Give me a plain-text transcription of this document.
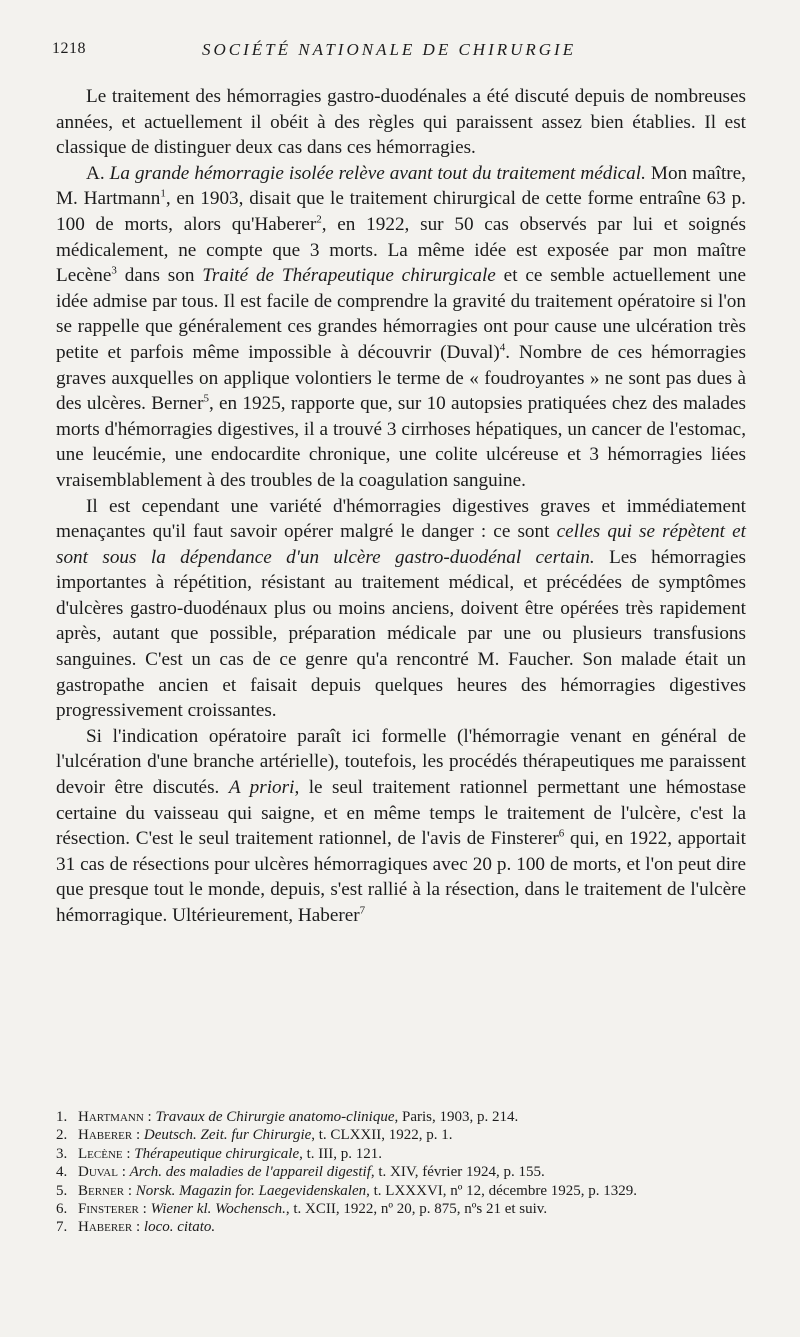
1218	SOCIÉTÉ NATIONALE DE CHIRURGIE

Le traitement des hémorragies gastro-duodénales a été discuté depuis de nombreuses années, et actuellement il obéit à des règles qui paraissent assez bien établies. Il est classique de distinguer deux cas dans ces hémorragies.

A. La grande hémorragie isolée relève avant tout du traitement médical. Mon maître, M. Hartmann$^1$, en 1903, disait que le traitement chirurgical de cette forme entraîne 63 p. 100 de morts, alors qu'Haberer$^2$, en 1922, sur 50 cas observés par lui et soignés médicalement, ne compte que 3 morts. La même idée est exposée par mon maître Lecène$^3$ dans son Traité de Thérapeutique chirurgicale et ce semble actuellement une idée admise par tous. Il est facile de comprendre la gravité du traitement opératoire si l'on se rappelle que généralement ces grandes hémorragies ont pour cause une ulcération très petite et parfois même impossible à découvrir (Duval)$^4$. Nombre de ces hémorragies graves auxquelles on applique volontiers le terme de « foudroyantes » ne sont pas dues à des ulcères. Berner$^5$, en 1925, rapporte que, sur 10 autopsies pratiquées chez des malades morts d'hémorragies digestives, il a trouvé 3 cirrhoses hépatiques, un cancer de l'estomac, une leucémie, une endocardite chronique, une colite ulcéreuse et 3 hémorragies liées vraisemblablement à des troubles de la coagulation sanguine.

Il est cependant une variété d'hémorragies digestives graves et immédiatement menaçantes qu'il faut savoir opérer malgré le danger : ce sont celles qui se répètent et sont sous la dépendance d'un ulcère gastro-duodénal certain. Les hémorragies importantes à répétition, résistant au traitement médical, et précédées de symptômes d'ulcères gastro-duodénaux plus ou moins anciens, doivent être opérées très rapidement après, autant que possible, préparation médicale par une ou plusieurs transfusions sanguines. C'est un cas de ce genre qu'a rencontré M. Faucher. Son malade était un gastropathe ancien et faisait depuis quelques heures des hémorragies digestives progressivement croissantes.

Si l'indication opératoire paraît ici formelle (l'hémorragie venant en général de l'ulcération d'une branche artérielle), toutefois, les procédés thérapeutiques me paraissent devoir être discutés. A priori, le seul traitement rationnel permettant une hémostase certaine du vaisseau qui saigne, et en même temps le traitement de l'ulcère, c'est la résection. C'est le seul traitement rationnel, de l'avis de Finsterer$^6$ qui, en 1922, apportait 31 cas de résections pour ulcères hémorragiques avec 20 p. 100 de morts, et l'on peut dire que presque tout le monde, depuis, s'est rallié à la résection, dans le traitement de l'ulcère hémorragique. Ultérieurement, Haberer$^7$

1. Hartmann : Travaux de Chirurgie anatomo-clinique, Paris, 1903, p. 214.
2. Haberer : Deutsch. Zeit. fur Chirurgie, t. CLXXII, 1922, p. 1.
3. Lecène : Thérapeutique chirurgicale, t. III, p. 121.
4. Duval : Arch. des maladies de l'appareil digestif, t. XIV, février 1924, p. 155.
5. Berner : Norsk. Magazin for. Laegevidenskalen, t. LXXXVI, nº 12, décembre 1925, p. 1329.
6. Finsterer : Wiener kl. Wochensch., t. XCII, 1922, nº 20, p. 875, nºs 21 et suiv.
7. Haberer : loco. citato.
